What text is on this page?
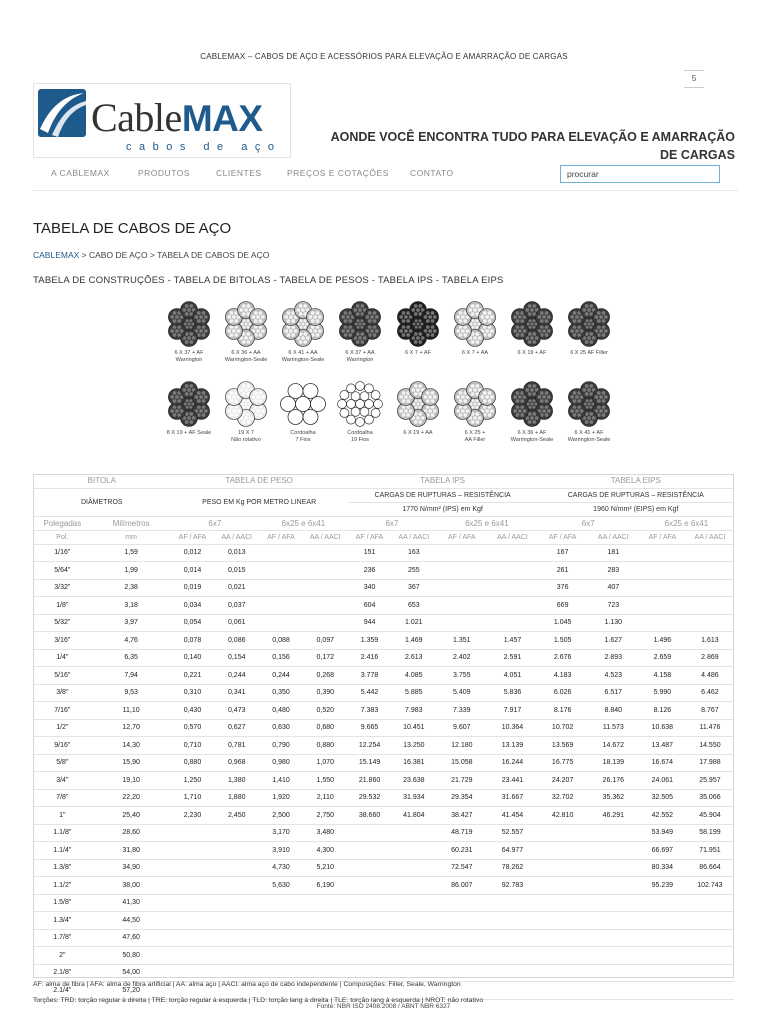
CABLEMAX – CABOS DE AÇO E ACESSÓRIOS PARA ELEVAÇÃO E AMARRAÇÃO DE CARGAS
5
CableMAX
cabos de aço
AONDE VOCÊ ENCONTRA TUDO PARA ELEVAÇÃO E AMARRAÇÃO DE CARGAS
A CABLEMAX	PRODUTOS	CLIENTES	PREÇOS E COTAÇÕES CONTATO
procurar
TABELA DE CABOS DE AÇO
CABLEMAX > CABO DE AÇO > TABELA DE CABOS DE AÇO
TABELA DE CONSTRUÇÕES - TABELA DE BITOLAS - TABELA DE PESOS - TABELA IPS - TABELA EIPS
6 X 37 + AF
Warrington
6 X 36 + AA
Warrington-Seale
6 X 41 + AA
Warrington-Seale
6 X 37 + AA
Warrington
6 X 7 + AF	6 X 7 + AA	6 X 19 + AF	6 X 25 AF Filler
8 X 19 + AF Seale	19 X 7
Não rotativo
Cordoalha
7 Fios
Cordoalha
19 Fios
6 X 19 + AA	6 X 25 +
AA Filler
6 X 36 + AF
Warrington-Seale
6 X 41 + AF
Warrington-Seale
BITOLA		TABELA DE PESO				TABELA IPS				TABELA EIPS			
DIÂMETROS		PESO EM Kg POR METRO LINEAR				CARGAS DE RUPTURAS – RESISTÊNCIA				CARGAS DE RUPTURAS – RESISTÊNCIA			
						1770 N/mm² (IPS) em Kgf				1960 N/mm² (EIPS) em Kgf			
Polegadas	Milímetros	6x7		6x25 e 6x41		6x7		6x25 e 6x41		6x7		6x25 e 6x41	
Pol.	mm	AF / AFA	AA / AACI	AF / AFA	AA / AACI	AF / AFA	AA / AACI	AF / AFA	AA / AACI	AF / AFA	AA / AACI	AF / AFA	AA / AACI
1/16"	1,59	0,012	0,013			151	163			167	181		
5/64"	1,99	0,014	0,015			236	255			261	283		
3/32"	2,38	0,019	0,021			340	367			376	407		
1/8"	3,18	0,034	0,037			604	653			669	723		
5/32"	3,97	0,054	0,061			944	1.021			1.045	1.130		
3/16"	4,76	0,078	0,086	0,088	0,097	1.359	1.469	1.351	1.457	1.505	1.627	1.496	1.613
1/4"	6,35	0,140	0,154	0,156	0,172	2.416	2.613	2.402	2.591	2.676	2.893	2.659	2.869
5/16"	7,94	0,221	0,244	0,244	0,268	3.778	4.085	3.755	4.051	4.183	4.523	4.158	4.486
3/8"	9,53	0,310	0,341	0,350	0,390	5.442	5.885	5.409	5.836	6.026	6.517	5.990	6.462
7/16"	11,10	0,430	0,473	0,480	0,520	7.383	7.983	7.339	7.917	8.176	8.840	8.126	8.767
1/2"	12,70	0,570	0,627	0,630	0,680	9.665	10.451	9.607	10.364	10.702	11.573	10.638	11.476
9/16"	14,30	0,710	0,781	0,790	0,880	12.254	13.250	12.180	13.139	13.569	14.672	13.487	14.550
5/8"	15,90	0,880	0,968	0,980	1,070	15.149	16.381	15.058	16.244	16.775	18.139	16.674	17.988
3/4"	19,10	1,250	1,380	1,410	1,550	21.860	23.638	21.729	23.441	24.207	26.176	24.061	25.957
7/8"	22,20	1,710	1,880	1,920	2,110	29.532	31.934	29.354	31.667	32.702	35.362	32.505	35.066
1"	25,40	2,230	2,450	2,500	2,750	38.660	41.804	38.427	41.454	42.810	46.291	42.552	45.904
1.1/8"	28,60			3,170	3,480			48.719	52.557			53.949	58.199
1.1/4"	31,80			3,910	4,300			60.231	64.977			66.697	71.951
1.3/8"	34,90			4,730	5,210			72.547	78.262			80.334	86.664
1.1/2"	38,00			5,630	6,190			86.007	92.783			95.239	102.743
1.5/8"	41,30												
1.3/4"	44,50												
1.7/8"	47,60												
2"	50,80												
2.1/8"	54,00												
2.1/4"	57,20												
Fonte: NBR ISO 2408:2008 / ABNT NBR 6327													
AF: alma de fibra | AFA: alma de fibra artificial | AA: alma aço | AACI: alma aço de cabo independente | Composições: Filler, Seale, Warrington
Torções: TRD: torção regular à direita | TRE: torção regular à esquerda | TLD: torção lang à direita | TLE: torção lang à esquerda | NROT: não rotativo
